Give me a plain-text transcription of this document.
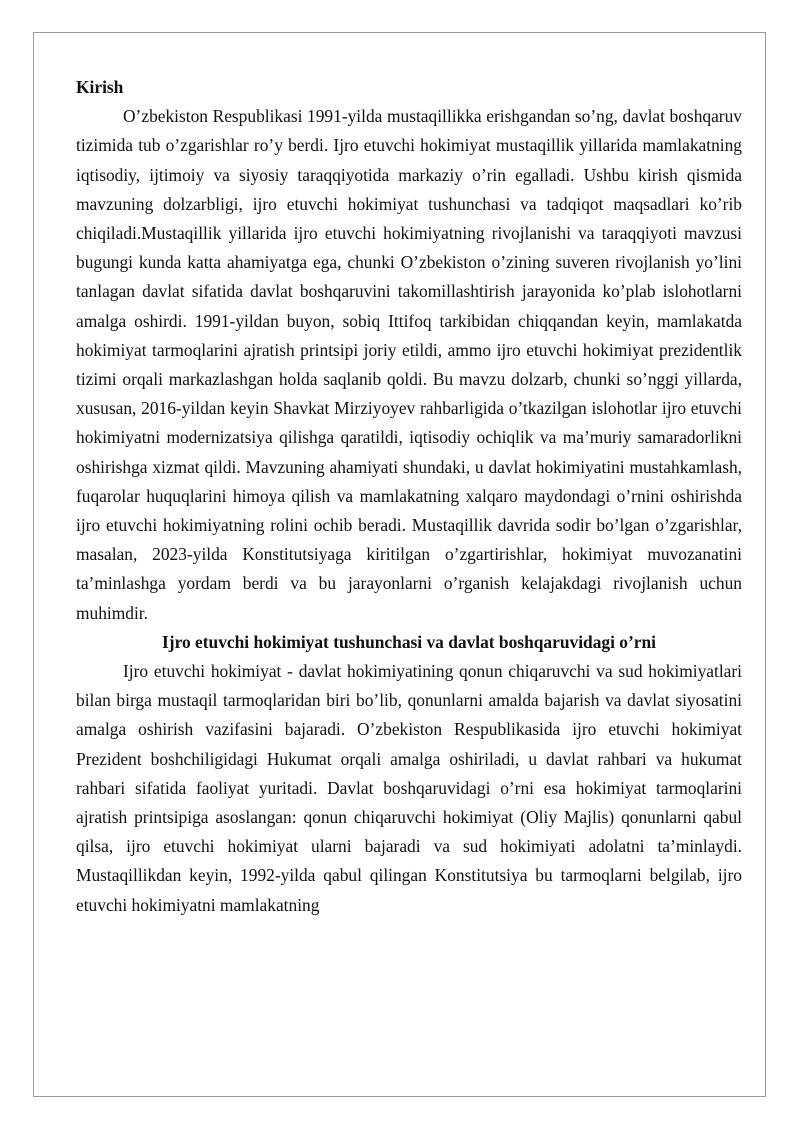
Kirish

O’zbekiston Respublikasi 1991-yilda mustaqillikka erishgandan so’ng, davlat boshqaruv tizimida tub o’zgarishlar ro’y berdi. Ijro etuvchi hokimiyat mustaqillik yillarida mamlakatning iqtisodiy, ijtimoiy va siyosiy taraqqiyotida markaziy o’rin egalladi. Ushbu kirish qismida mavzuning dolzarbligi, ijro etuvchi hokimiyat tushunchasi va tadqiqot maqsadlari ko’rib chiqiladi.Mustaqillik yillarida ijro etuvchi hokimiyatning rivojlanishi va taraqqiyoti mavzusi bugungi kunda katta ahamiyatga ega, chunki O’zbekiston o’zining suveren rivojlanish yo’lini tanlagan davlat sifatida davlat boshqaruvini takomillashtirish jarayonida ko’plab islohotlarni amalga oshirdi. 1991-yildan buyon, sobiq Ittifoq tarkibidan chiqqandan keyin, mamlakatda hokimiyat tarmoqlarini ajratish printsipi joriy etildi, ammo ijro etuvchi hokimiyat prezidentlik tizimi orqali markazlashgan holda saqlanib qoldi. Bu mavzu dolzarb, chunki so’nggi yillarda, xususan, 2016-yildan keyin Shavkat Mirziyoyev rahbarligida o’tkazilgan islohotlar ijro etuvchi hokimiyatni modernizatsiya qilishga qaratildi, iqtisodiy ochiqlik va ma’muriy samaradorlikni oshirishga xizmat qildi. Mavzuning ahamiyati shundaki, u davlat hokimiyatini mustahkamlash, fuqarolar huquqlarini himoya qilish va mamlakatning xalqaro maydondagi o’rnini oshirishda ijro etuvchi hokimiyatning rolini ochib beradi. Mustaqillik davrida sodir bo’lgan o’zgarishlar, masalan, 2023-yilda Konstitutsiyaga kiritilgan o’zgartirishlar, hokimiyat muvozanatini ta’minlashga yordam berdi va bu jarayonlarni o’rganish kelajakdagi rivojlanish uchun muhimdir.

Ijro etuvchi hokimiyat tushunchasi va davlat boshqaruvidagi o’rni

Ijro etuvchi hokimiyat - davlat hokimiyatining qonun chiqaruvchi va sud hokimiyatlari bilan birga mustaqil tarmoqlaridan biri bo’lib, qonunlarni amalda bajarish va davlat siyosatini amalga oshirish vazifasini bajaradi. O’zbekiston Respublikasida ijro etuvchi hokimiyat Prezident boshchiligidagi Hukumat orqali amalga oshiriladi, u davlat rahbari va hukumat rahbari sifatida faoliyat yuritadi. Davlat boshqaruvidagi o’rni esa hokimiyat tarmoqlarini ajratish printsipiga asoslangan: qonun chiqaruvchi hokimiyat (Oliy Majlis) qonunlarni qabul qilsa, ijro etuvchi hokimiyat ularni bajaradi va sud hokimiyati adolatni ta’minlaydi. Mustaqillikdan keyin, 1992-yilda qabul qilingan Konstitutsiya bu tarmoqlarni belgilab, ijro etuvchi hokimiyatni mamlakatning
